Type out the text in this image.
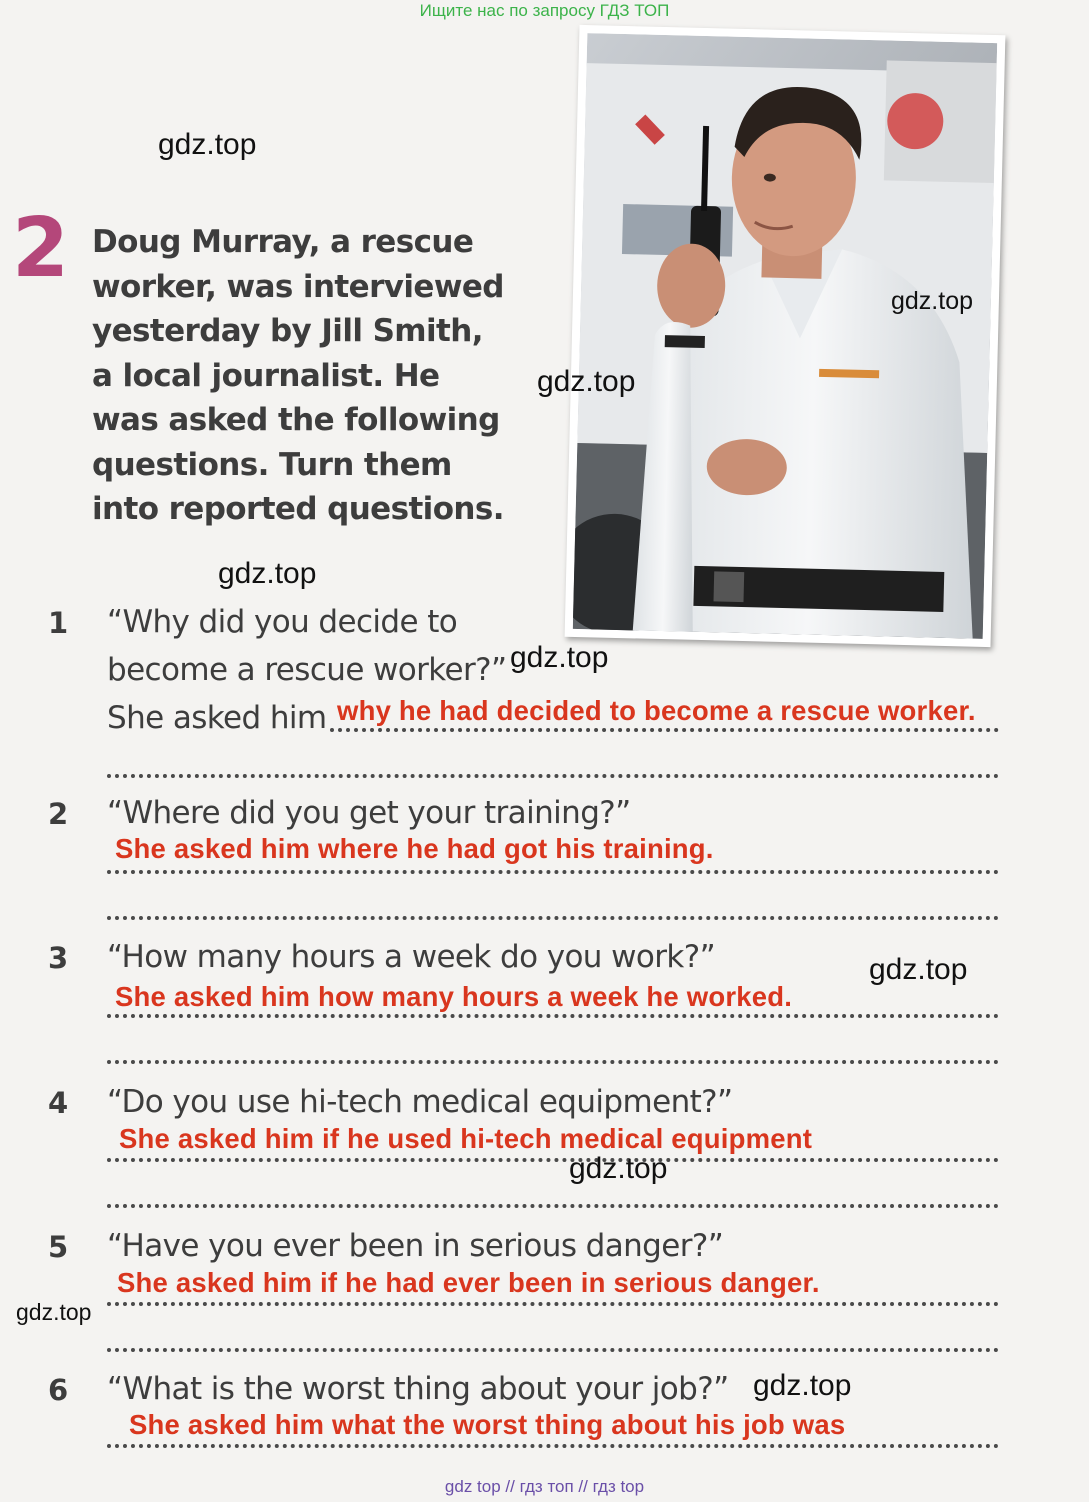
Ищите нас по запросу ГДЗ ТОП
2 Doug Murray, a rescue worker, was interviewed yesterday by Jill Smith, a local journalist. He was asked the following questions. Turn them into reported questions.

1	“Why did you decide to
become a rescue worker?”
She asked him why he had decided to become a rescue worker.
2	“Where did you get your training?”
She asked him where he had got his training.
3	“How many hours a week do you work?”
She asked him how many hours a week he worked.
4	“Do you use hi-tech medical equipment?”
She asked him if he used hi-tech medical equipment
5	“Have you ever been in serious danger?”
She asked him if he had ever been in serious danger.
6	“What is the worst thing about your job?”
She asked him what the worst thing about his job was
gdz.top
gdz.top
gdz.top
gdz.top
gdz.top
gdz.top
gdz.top
gdz.top
gdz.top
gdz top // гдз топ // гдз top
